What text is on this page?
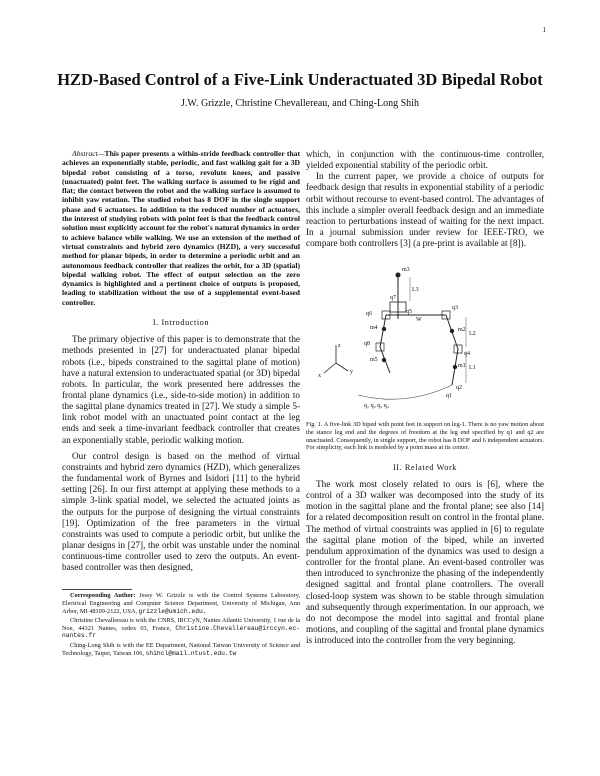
1
HZD-Based Control of a Five-Link Underactuated 3D Bipedal Robot
J.W. Grizzle, Christine Chevallereau, and Ching-Long Shih

Abstract—This paper presents a within-stride feedback controller that achieves an exponentially stable, periodic, and fast walking gait for a 3D bipedal robot consisting of a torso, revolute knees, and passive (unactuated) point feet. The walking surface is assumed to be rigid and flat; the contact between the robot and the walking surface is assumed to inhibit yaw rotation. The studied robot has 8 DOF in the single support phase and 6 actuators. In addition to the reduced number of actuators, the interest of studying robots with point feet is that the feedback control solution must explicitly account for the robot's natural dynamics in order to achieve balance while walking. We use an extension of the method of virtual constraints and hybrid zero dynamics (HZD), a very successful method for planar bipeds, in order to determine a periodic orbit and an autonomous feedback controller that realizes the orbit, for a 3D (spatial) bipedal walking robot. The effect of output selection on the zero dynamics is highlighted and a pertinent choice of outputs is proposed, leading to stabilization without the use of a supplemental event-based controller.

I. Introduction

The primary objective of this paper is to demonstrate that the methods presented in [27] for underactuated planar bipedal robots (i.e., bipeds constrained to the sagittal plane of motion) have a natural extension to underactuated spatial (or 3D) bipedal robots. In particular, the work presented here addresses the frontal plane dynamics (i.e., side-to-side motion) in addition to the sagittal plane dynamics treated in [27]. We study a simple 5-link robot model with an unactuated point contact at the leg ends and seek a time-invariant feedback controller that creates an exponentially stable, periodic walking motion.

Our control design is based on the method of virtual constraints and hybrid zero dynamics (HZD), which generalizes the fundamental work of Byrnes and Isidori [11] to the hybrid setting [26]. In our first attempt at applying these methods to a simple 3-link spatial model, we selected the actuated joints as the outputs for the purpose of designing the virtual constraints [19]. Optimization of the free parameters in the virtual constraints was used to compute a periodic orbit, but unlike the planar designs in [27], the orbit was unstable under the nominal continuous-time controller used to zero the outputs. An event-based controller was then designed,

Corresponding Author: Jessy W. Grizzle is with the Control Systems Laboratory, Electrical Engineering and Computer Science Department, University of Michigan, Ann Arbor, MI 48109-2122, USA, grizzle@umich.edu.

Christine Chevallereau is with the CNRS, IRCCyN, Nantes Atlantic University, 1 rue de la Noe, 44321 Nantes, cedex 03, France, Christine.Chevallereau@irccyn.ec-nantes.fr

Ching-Long Shih is with the EE Department, National Taiwan University of Science and Technology, Taipei, Taiwan 106, shihcl@mail.ntust.edu.tw

which, in conjunction with the continuous-time controller, yielded exponential stability of the periodic orbit.

In the current paper, we provide a choice of outputs for feedback design that results in exponential stability of a periodic orbit without recourse to event-based control. The advantages of this include a simpler overall feedback design and an immediate reaction to perturbations instead of waiting for the next impact. In a journal submission under review for IEEE-TRO, we compare both controllers [3] (a pre-print is available at [8]).

m3
L3
m4
m5
m2
m1
L2
L1
q7
q6	q5
q3
q8
q4
q2
q1
W
z
x
y
q₁ q₂ q₃ q₄

Fig. 1. A five-link 3D biped with point feet in support on leg-1. There is no yaw motion about the stance leg end and the degrees of freedom at the leg end specified by q1 and q2 are unactuated. Consequently, in single support, the robot has 8 DOF and 6 independent actuators. For simplicity, each link is modeled by a point mass at its center.

II. Related Work

The work most closely related to ours is [6], where the control of a 3D walker was decomposed into the study of its motion in the sagittal plane and the frontal plane; see also [14] for a related decomposition result on control in the frontal plane. The method of virtual constraints was applied in [6] to regulate the sagittal plane motion of the biped, while an inverted pendulum approximation of the dynamics was used to design a controller for the frontal plane. An event-based controller was then introduced to synchronize the phasing of the independently designed sagittal and frontal plane controllers. The overall closed-loop system was shown to be stable through simulation and subsequently through experimentation. In our approach, we do not decompose the model into sagittal and frontal plane motions, and coupling of the sagittal and frontal plane dynamics is introduced into the controller from the very beginning.
